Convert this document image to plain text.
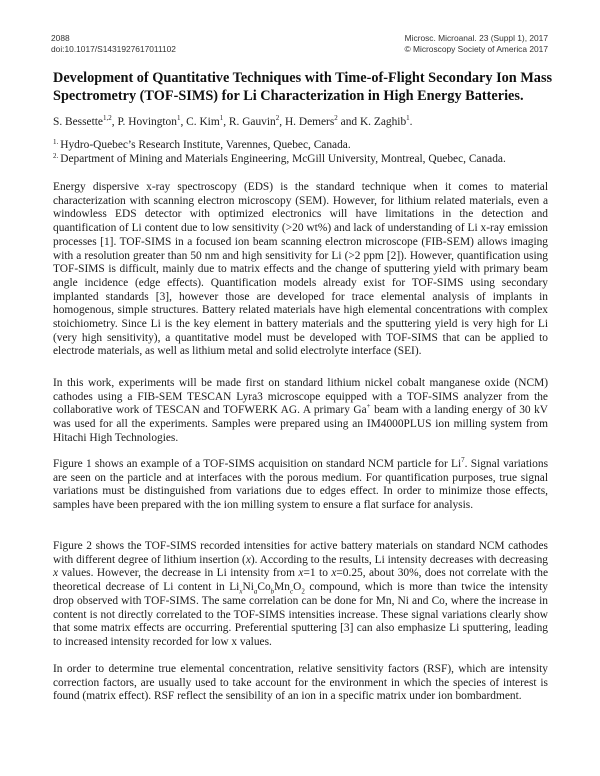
2088
doi:10.1017/S1431927617011102
Microsc. Microanal. 23 (Suppl 1), 2017
© Microscopy Society of America 2017
Development of Quantitative Techniques with Time-of-Flight Secondary Ion Mass Spectrometry (TOF-SIMS) for Li Characterization in High Energy Batteries.
S. Bessette$^{1,2}$, P. Hovington$^1$, C. Kim$^1$, R. Gauvin$^2$, H. Demers$^2$ and K. Zaghib$^1$.
$^{1.}$ Hydro-Quebec’s Research Institute, Varennes, Quebec, Canada.
$^{2.}$ Department of Mining and Materials Engineering, McGill University, Montreal, Quebec, Canada.

Energy dispersive x-ray spectroscopy (EDS) is the standard technique when it comes to material characterization with scanning electron microscopy (SEM). However, for lithium related materials, even a windowless EDS detector with optimized electronics will have limitations in the detection and quantification of Li content due to low sensitivity (>20 wt%) and lack of understanding of Li x-ray emission processes [1]. TOF-SIMS in a focused ion beam scanning electron microscope (FIB-SEM) allows imaging with a resolution greater than 50 nm and high sensitivity for Li (>2 ppm [2]). However, quantification using TOF-SIMS is difficult, mainly due to matrix effects and the change of sputtering yield with primary beam angle incidence (edge effects). Quantification models already exist for TOF-SIMS using secondary implanted standards [3], however those are developed for trace elemental analysis of implants in homogenous, simple structures. Battery related materials have high elemental concentrations with complex stoichiometry. Since Li is the key element in battery materials and the sputtering yield is very high for Li (very high sensitivity), a quantitative model must be developed with TOF-SIMS that can be applied to electrode materials, as well as lithium metal and solid electrolyte interface (SEI).

In this work, experiments will be made first on standard lithium nickel cobalt manganese oxide (NCM) cathodes using a FIB-SEM TESCAN Lyra3 microscope equipped with a TOF-SIMS analyzer from the collaborative work of TESCAN and TOFWERK AG. A primary Ga+ beam with a landing energy of 30 kV was used for all the experiments. Samples were prepared using an IM4000PLUS ion milling system from Hitachi High Technologies.

Figure 1 shows an example of a TOF-SIMS acquisition on standard NCM particle for Li$^7$. Signal variations are seen on the particle and at interfaces with the porous medium. For quantification purposes, true signal variations must be distinguished from variations due to edges effect. In order to minimize those effects, samples have been prepared with the ion milling system to ensure a flat surface for analysis.

Figure 2 shows the TOF-SIMS recorded intensities for active battery materials on standard NCM cathodes with different degree of lithium insertion (x). According to the results, Li intensity decreases with decreasing x values. However, the decrease in Li intensity from x=1 to x=0.25, about 30%, does not correlate with the theoretical decrease of Li content in $Li_xNi_aCo_bMn_cO_2$ compound, which is more than twice the intensity drop observed with TOF-SIMS. The same correlation can be done for Mn, Ni and Co, where the increase in content is not directly correlated to the TOF-SIMS intensities increase. These signal variations clearly show that some matrix effects are occurring. Preferential sputtering [3] can also emphasize Li sputtering, leading to increased intensity recorded for low x values.

In order to determine true elemental concentration, relative sensitivity factors (RSF), which are intensity correction factors, are usually used to take account for the environment in which the species of interest is found (matrix effect). RSF reflect the sensibility of an ion in a specific matrix under ion bombardment.
